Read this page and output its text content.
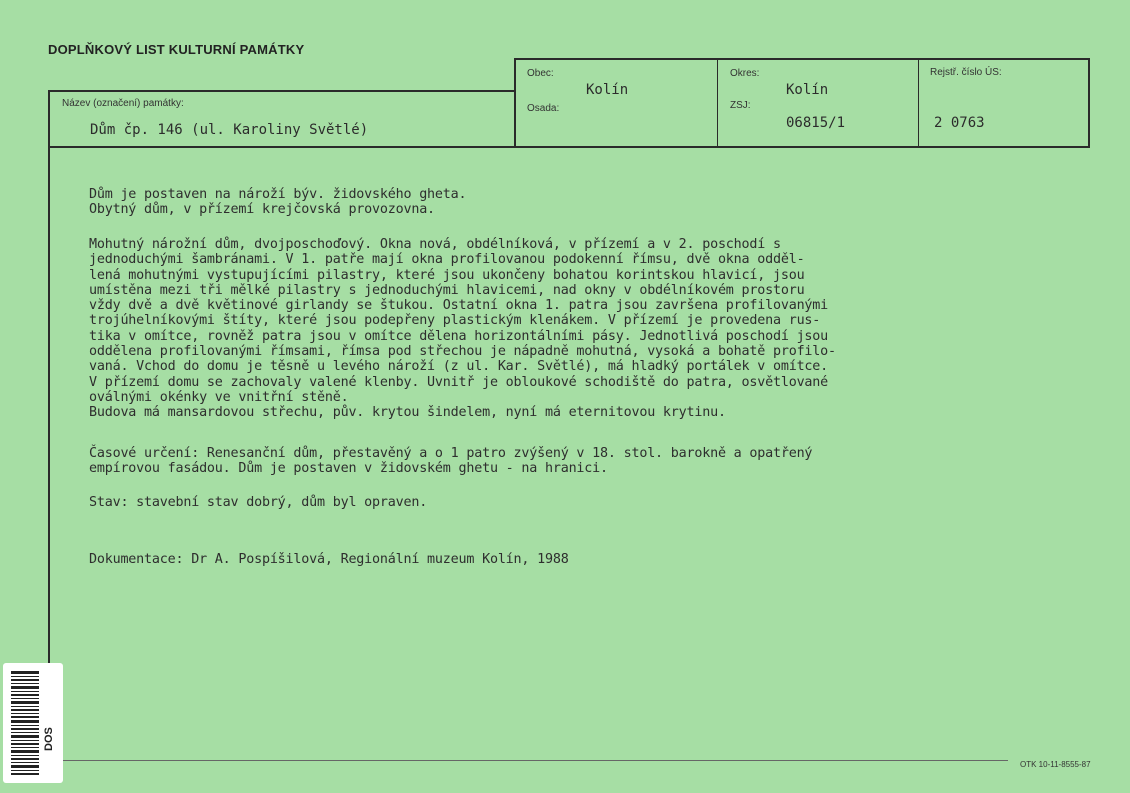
DOPLŇKOVÝ LIST KULTURNÍ PAMÁTKY
Obec:
Kolín
Osada:
Okres:
Kolín
ZSJ:
06815/1
Rejstř. číslo ÚS:
2 0763
Název (označení) památky:
Dům čp. 146 (ul. Karoliny Světlé)
Dům je postaven na nároží býv. židovského gheta.
Obytný dům, v přízemí krejčovská provozovna.
Mohutný nárožní dům, dvojposchoďový. Okna nová, obdélníková, v přízemí a v 2. poschodí s
jednoduchými šambránami. V 1. patře mají okna profilovanou podokenní římsu, dvě okna odděl-
lená mohutnými vystupujícími pilastry, které jsou ukončeny bohatou korintskou hlavicí, jsou
umístěna mezi tři mělké pilastry s jednoduchými hlavicemi, nad okny v obdélníkovém prostoru
vždy dvě a dvě květinové girlandy se štukou. Ostatní okna 1. patra jsou završena profilovanými
trojúhelníkovými štíty, které jsou podepřeny plastickým klenákem. V přízemí je provedena rus-
tika v omítce, rovněž patra jsou v omítce dělena horizontálními pásy. Jednotlivá poschodí jsou
oddělena profilovanými římsami, římsa pod střechou je nápadně mohutná, vysoká a bohatě profilo-
vaná. Vchod do domu je těsně u levého nároží (z ul. Kar. Světlé), má hladký portálek v omítce.
V přízemí domu se zachovaly valené klenby. Uvnitř je obloukové schodiště do patra, osvětlované
oválnými okénky ve vnitřní stěně.
Budova má mansardovou střechu, pův. krytou šindelem, nyní má eternitovou krytinu.
Časové určení: Renesanční dům, přestavěný a o 1 patro zvýšený v 18. stol. barokně a opatřený
empírovou fasádou. Dům je postaven v židovském ghetu - na hranici.
Stav: stavební stav dobrý, dům byl opraven.
Dokumentace: Dr A. Pospíšilová, Regionální muzeum Kolín, 1988
OTK 10-11-8555-87
DOS
